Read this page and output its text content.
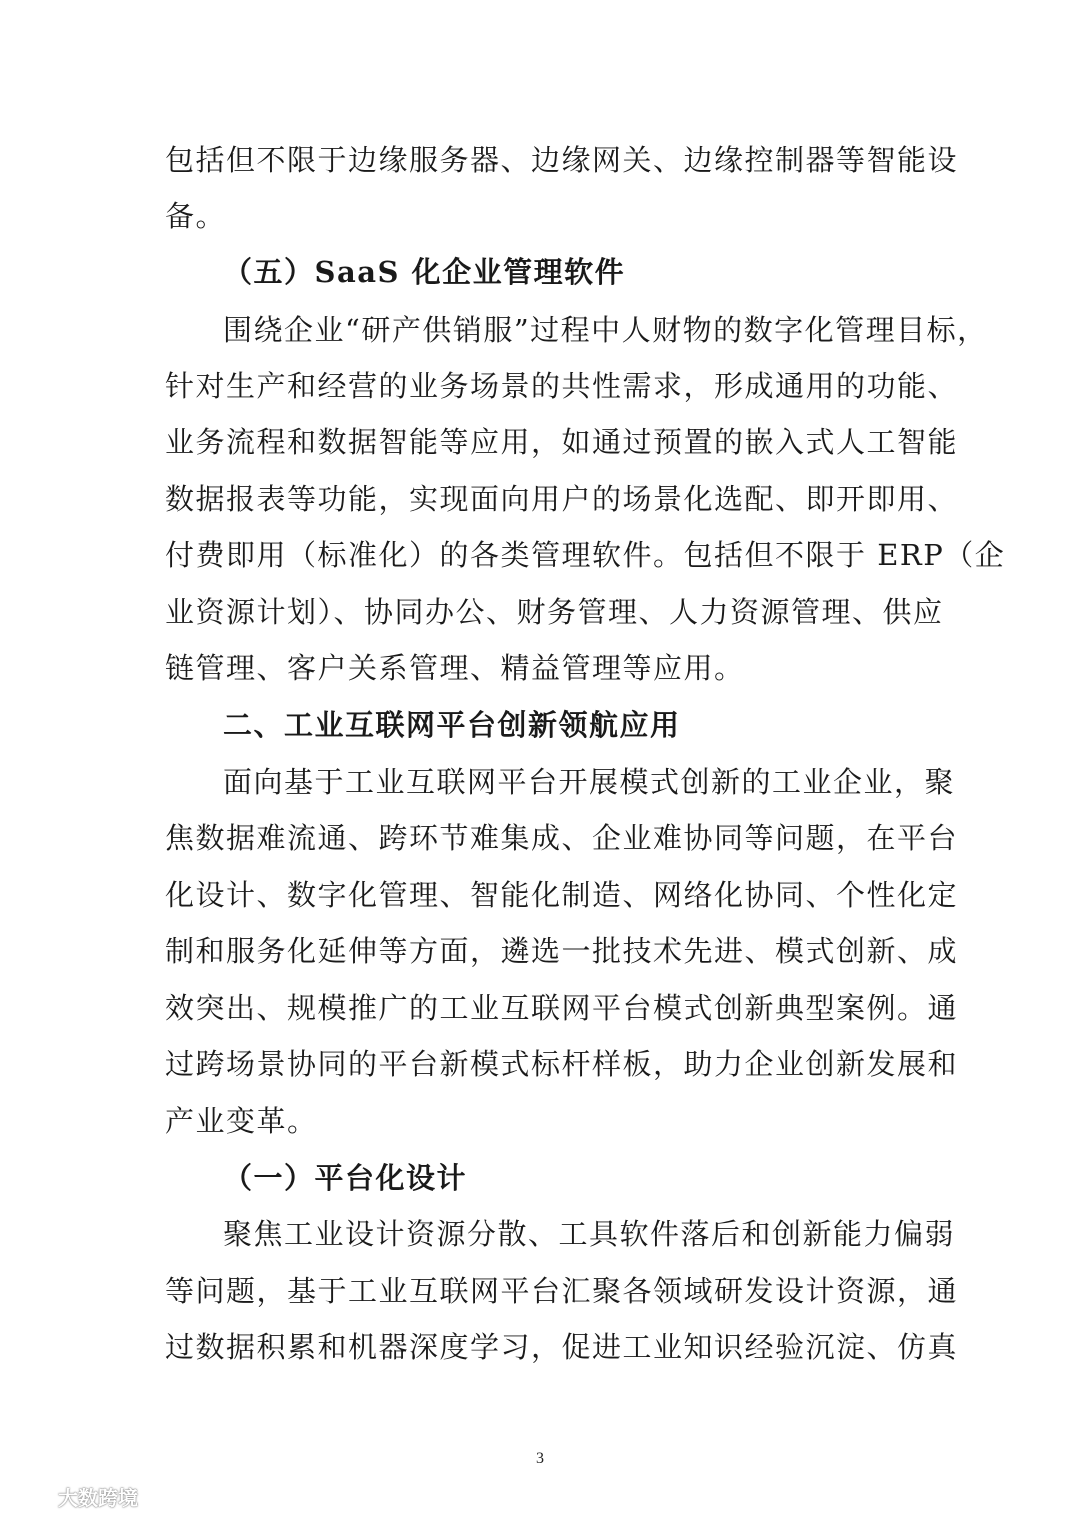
包括但不限于边缘服务器、边缘网关、边缘控制器等智能设
备。
（五）SaaS 化企业管理软件
围绕企业“研产供销服”过程中人财物的数字化管理目标，
针对生产和经营的业务场景的共性需求，形成通用的功能、
业务流程和数据智能等应用，如通过预置的嵌入式人工智能
数据报表等功能，实现面向用户的场景化选配、即开即用、
付费即用（标准化）的各类管理软件。包括但不限于 ERP（企
业资源计划）、协同办公、财务管理、人力资源管理、供应
链管理、客户关系管理、精益管理等应用。
二、工业互联网平台创新领航应用
面向基于工业互联网平台开展模式创新的工业企业，聚
焦数据难流通、跨环节难集成、企业难协同等问题，在平台
化设计、数字化管理、智能化制造、网络化协同、个性化定
制和服务化延伸等方面，遴选一批技术先进、模式创新、成
效突出、规模推广的工业互联网平台模式创新典型案例。通
过跨场景协同的平台新模式标杆样板，助力企业创新发展和
产业变革。
（一）平台化设计
聚焦工业设计资源分散、工具软件落后和创新能力偏弱
等问题，基于工业互联网平台汇聚各领域研发设计资源，通
过数据积累和机器深度学习，促进工业知识经验沉淀、仿真
3
大数跨境
